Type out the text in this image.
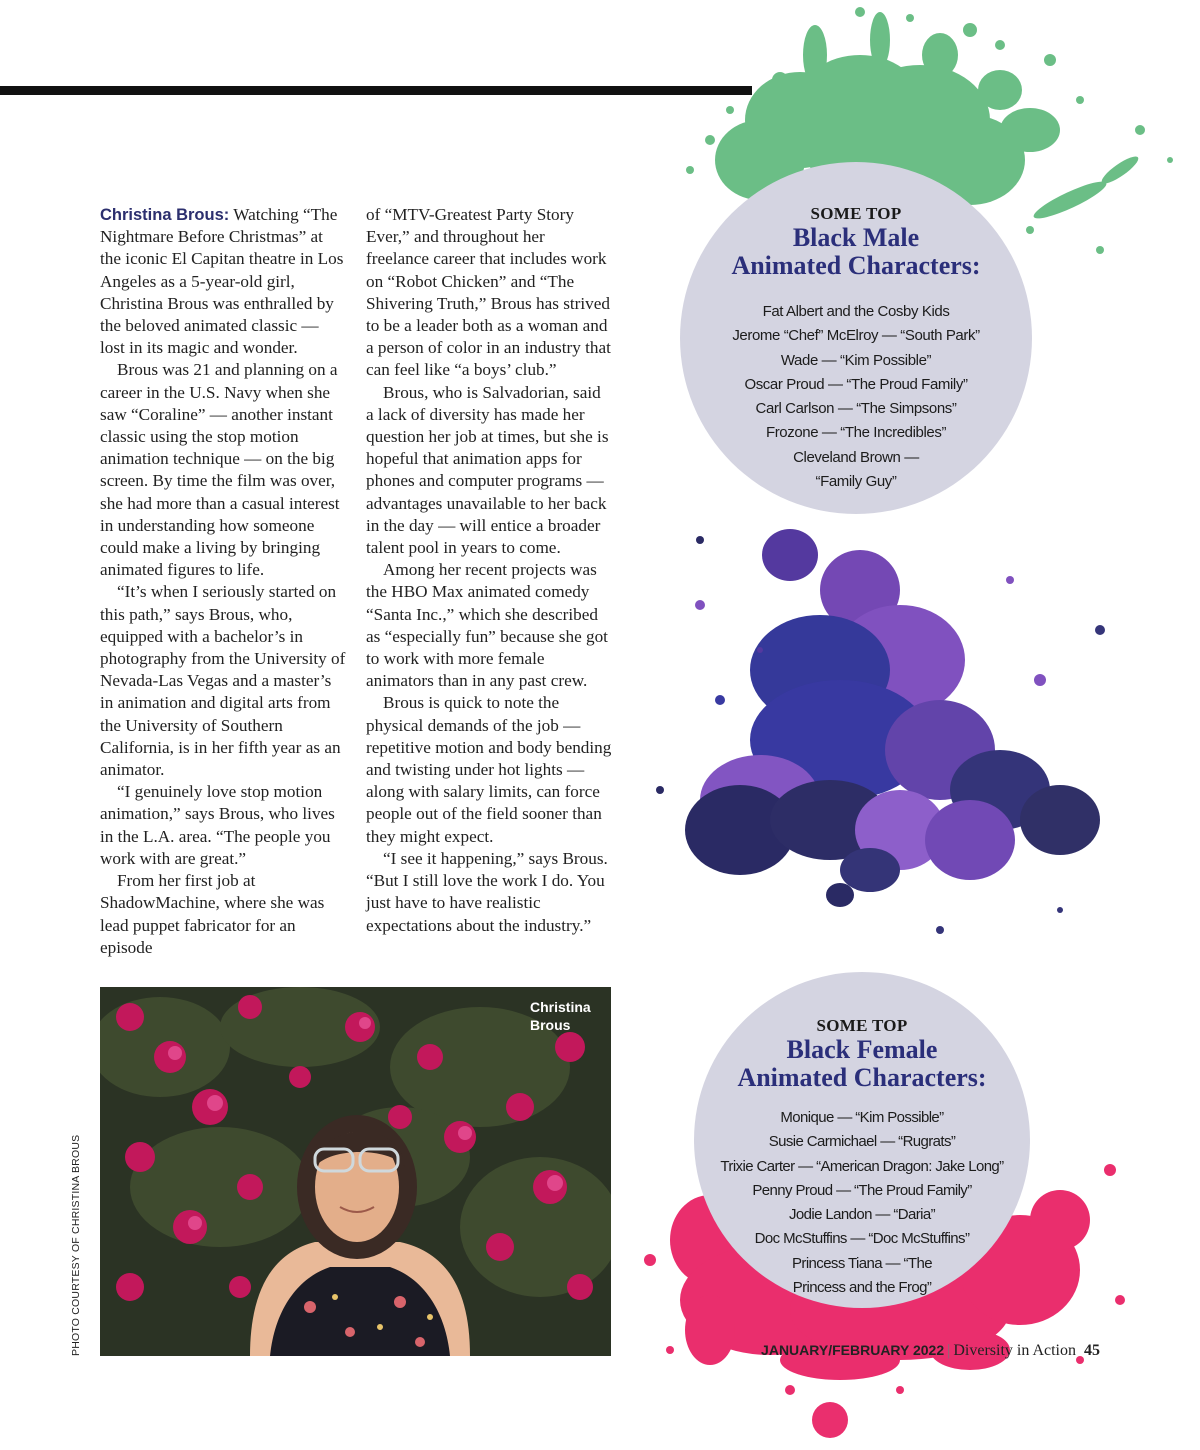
Christina Brous: Watching “The Nightmare Before Christmas” at the iconic El Capitan theatre in Los Angeles as a 5-year-old girl, Christina Brous was enthralled by the beloved animated classic — lost in its magic and wonder.

Brous was 21 and planning on a career in the U.S. Navy when she saw “Coraline” — another instant classic using the stop motion animation technique — on the big screen. By time the film was over, she had more than a casual interest in understanding how someone could make a living by bringing animated figures to life.

“It’s when I seriously started on this path,” says Brous, who, equipped with a bachelor’s in photography from the University of Nevada-Las Vegas and a master’s in animation and digital arts from the University of Southern California, is in her fifth year as an animator.

“I genuinely love stop motion animation,” says Brous, who lives in the L.A. area. “The people you work with are great.”

From her first job at ShadowMachine, where she was lead puppet fabricator for an episode

of “MTV-Greatest Party Story Ever,” and throughout her freelance career that includes work on “Robot Chicken” and “The Shivering Truth,” Brous has strived to be a leader both as a woman and a person of color in an industry that can feel like “a boys’ club.”

Brous, who is Salvadorian, said a lack of diversity has made her question her job at times, but she is hopeful that animation apps for phones and computer programs — advantages unavailable to her back in the day — will entice a broader talent pool in years to come.

Among her recent projects was the HBO Max animated comedy “Santa Inc.,” which she described as “especially fun” because she got to work with more female animators than in any past crew.

Brous is quick to note the physical demands of the job — repetitive motion and body bending and twisting under hot lights — along with salary limits, can force people out of the field sooner than they might expect.

“I see it happening,” says Brous. “But I still love the work I do. You just have to have realistic expectations about the industry.”

SOME TOP
Black Male
Animated Characters:
Fat Albert and the Cosby Kids
Jerome “Chef” McElroy — “South Park”
Wade — “Kim Possible”
Oscar Proud — “The Proud Family”
Carl Carlson — “The Simpsons”
Frozone — “The Incredibles”
Cleveland Brown —
“Family Guy”
SOME TOP
Black Female
Animated Characters:
Monique — “Kim Possible”
Susie Carmichael — “Rugrats”
Trixie Carter — “American Dragon: Jake Long”
Penny Proud — “The Proud Family”
Jodie Landon — “Daria”
Doc McStuffins — “Doc McStuffins”
Princess Tiana — “The
Princess and the Frog”
Christina
Brous
PHOTO COURTESY OF CHRISTINA BROUS	JANUARY/FEBRUARY 2022 | Diversity in Action 45
